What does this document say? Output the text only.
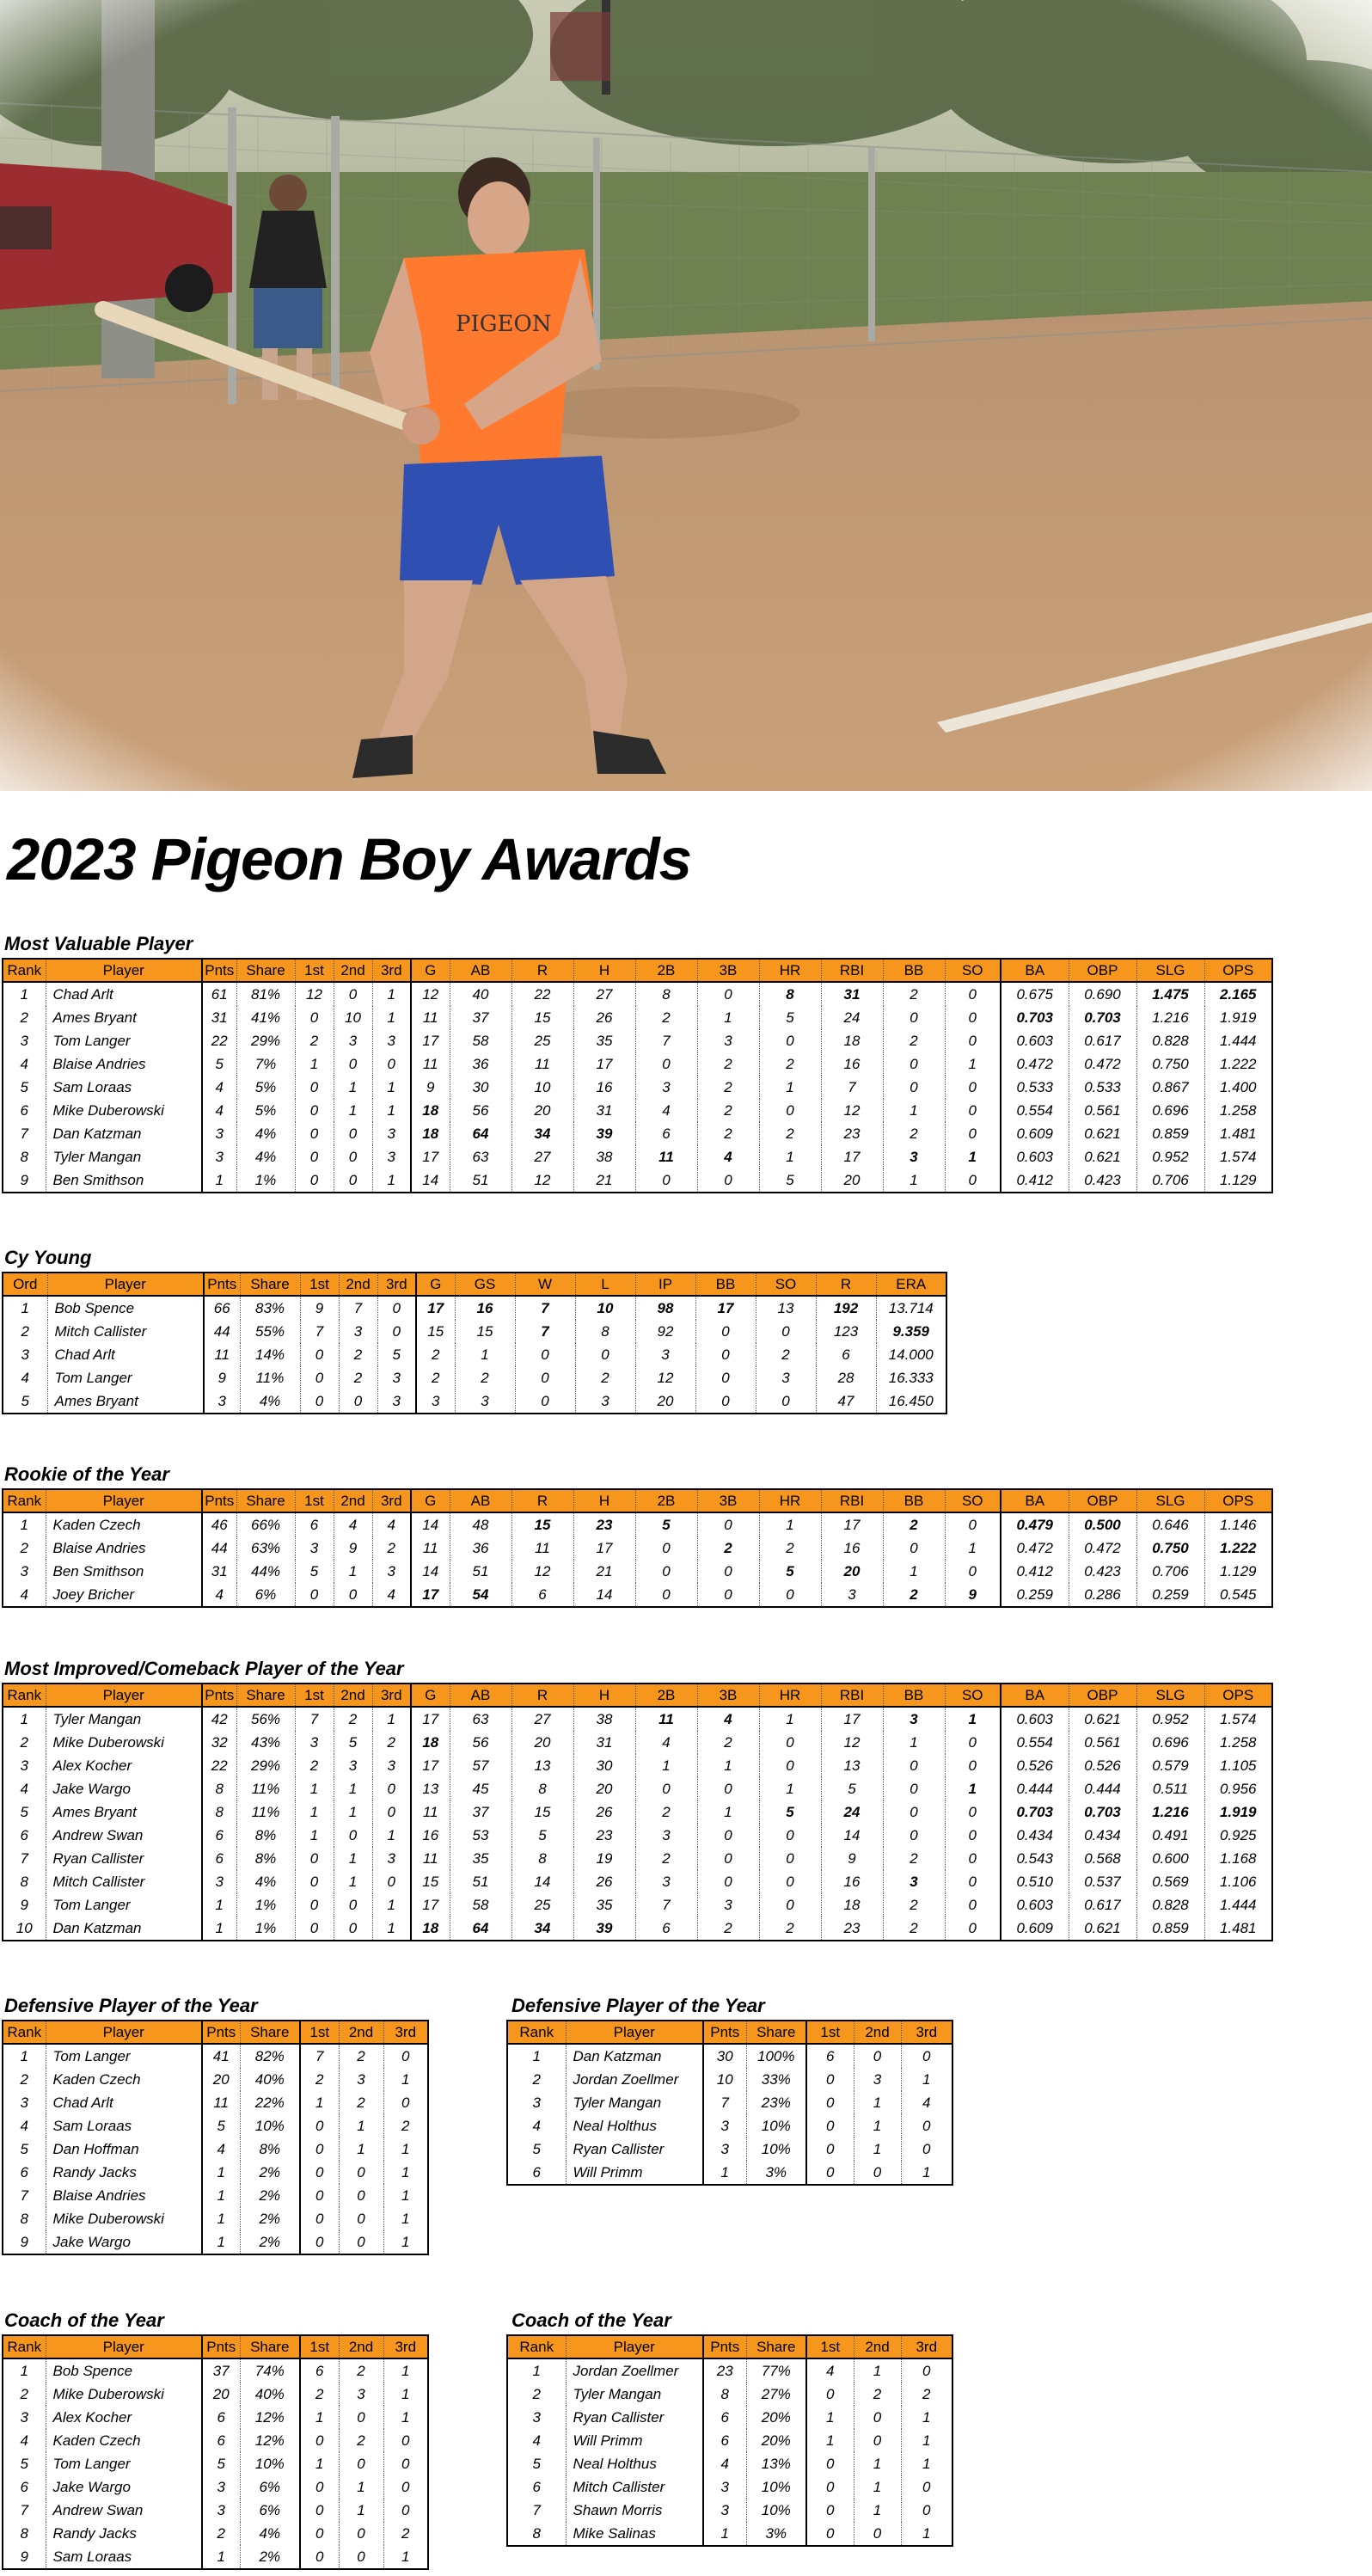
2023 Pigeon Boy Awards
Most Valuable Player
Rank	Player	Pnts	Share	1st	2nd	3rd	G	AB	R	H	2B	3B	HR	RBI	BB	SO	BA	OBP	SLG	OPS
1	Chad Arlt	61	81%	12	0	1	12	40	22	27	8	0	8	31	2	0	0.675	0.690	1.475	2.165
2	Ames Bryant	31	41%	0	10	1	11	37	15	26	2	1	5	24	0	0	0.703	0.703	1.216	1.919
3	Tom Langer	22	29%	2	3	3	17	58	25	35	7	3	0	18	2	0	0.603	0.617	0.828	1.444
4	Blaise Andries	5	7%	1	0	0	11	36	11	17	0	2	2	16	0	1	0.472	0.472	0.750	1.222
5	Sam Loraas	4	5%	0	1	1	9	30	10	16	3	2	1	7	0	0	0.533	0.533	0.867	1.400
6	Mike Duberowski	4	5%	0	1	1	18	56	20	31	4	2	0	12	1	0	0.554	0.561	0.696	1.258
7	Dan Katzman	3	4%	0	0	3	18	64	34	39	6	2	2	23	2	0	0.609	0.621	0.859	1.481
8	Tyler Mangan	3	4%	0	0	3	17	63	27	38	11	4	1	17	3	1	0.603	0.621	0.952	1.574
9	Ben Smithson	1	1%	0	0	1	14	51	12	21	0	0	5	20	1	0	0.412	0.423	0.706	1.129
Cy Young
Ord	Player	Pnts	Share	1st	2nd	3rd	G	GS	W	L	IP	BB	SO	R	ERA
1	Bob Spence	66	83%	9	7	0	17	16	7	10	98	17	13	192	13.714
2	Mitch Callister	44	55%	7	3	0	15	15	7	8	92	0	0	123	9.359
3	Chad Arlt	11	14%	0	2	5	2	1	0	0	3	0	2	6	14.000
4	Tom Langer	9	11%	0	2	3	2	2	0	2	12	0	3	28	16.333
5	Ames Bryant	3	4%	0	0	3	3	3	0	3	20	0	0	47	16.450
Rookie of the Year
Rank	Player	Pnts	Share	1st	2nd	3rd	G	AB	R	H	2B	3B	HR	RBI	BB	SO	BA	OBP	SLG	OPS
1	Kaden Czech	46	66%	6	4	4	14	48	15	23	5	0	1	17	2	0	0.479	0.500	0.646	1.146
2	Blaise Andries	44	63%	3	9	2	11	36	11	17	0	2	2	16	0	1	0.472	0.472	0.750	1.222
3	Ben Smithson	31	44%	5	1	3	14	51	12	21	0	0	5	20	1	0	0.412	0.423	0.706	1.129
4	Joey Bricher	4	6%	0	0	4	17	54	6	14	0	0	0	3	2	9	0.259	0.286	0.259	0.545
Most Improved/Comeback Player of the Year
Rank	Player	Pnts	Share	1st	2nd	3rd	G	AB	R	H	2B	3B	HR	RBI	BB	SO	BA	OBP	SLG	OPS
1	Tyler Mangan	42	56%	7	2	1	17	63	27	38	11	4	1	17	3	1	0.603	0.621	0.952	1.574
2	Mike Duberowski	32	43%	3	5	2	18	56	20	31	4	2	0	12	1	0	0.554	0.561	0.696	1.258
3	Alex Kocher	22	29%	2	3	3	17	57	13	30	1	1	0	13	0	0	0.526	0.526	0.579	1.105
4	Jake Wargo	8	11%	1	1	0	13	45	8	20	0	0	1	5	0	1	0.444	0.444	0.511	0.956
5	Ames Bryant	8	11%	1	1	0	11	37	15	26	2	1	5	24	0	0	0.703	0.703	1.216	1.919
6	Andrew Swan	6	8%	1	0	1	16	53	5	23	3	0	0	14	0	0	0.434	0.434	0.491	0.925
7	Ryan Callister	6	8%	0	1	3	11	35	8	19	2	0	0	9	2	0	0.543	0.568	0.600	1.168
8	Mitch Callister	3	4%	0	1	0	15	51	14	26	3	0	0	16	3	0	0.510	0.537	0.569	1.106
9	Tom Langer	1	1%	0	0	1	17	58	25	35	7	3	0	18	2	0	0.603	0.617	0.828	1.444
10	Dan Katzman	1	1%	0	0	1	18	64	34	39	6	2	2	23	2	0	0.609	0.621	0.859	1.481
Defensive Player of the Year
Rank	Player	Pnts	Share	1st	2nd	3rd
1	Tom Langer	41	82%	7	2	0
2	Kaden Czech	20	40%	2	3	1
3	Chad Arlt	11	22%	1	2	0
4	Sam Loraas	5	10%	0	1	2
5	Dan Hoffman	4	8%	0	1	1
6	Randy Jacks	1	2%	0	0	1
7	Blaise Andries	1	2%	0	0	1
8	Mike Duberowski	1	2%	0	0	1
9	Jake Wargo	1	2%	0	0	1
Defensive Player of the Year
Rank	Player	Pnts	Share	1st	2nd	3rd
1	Dan Katzman	30	100%	6	0	0
2	Jordan Zoellmer	10	33%	0	3	1
3	Tyler Mangan	7	23%	0	1	4
4	Neal Holthus	3	10%	0	1	0
5	Ryan Callister	3	10%	0	1	0
6	Will Primm	1	3%	0	0	1
Coach of the Year
Rank	Player	Pnts	Share	1st	2nd	3rd
1	Bob Spence	37	74%	6	2	1
2	Mike Duberowski	20	40%	2	3	1
3	Alex Kocher	6	12%	1	0	1
4	Kaden Czech	6	12%	0	2	0
5	Tom Langer	5	10%	1	0	0
6	Jake Wargo	3	6%	0	1	0
7	Andrew Swan	3	6%	0	1	0
8	Randy Jacks	2	4%	0	0	2
9	Sam Loraas	1	2%	0	0	1
Coach of the Year
Rank	Player	Pnts	Share	1st	2nd	3rd
1	Jordan Zoellmer	23	77%	4	1	0
2	Tyler Mangan	8	27%	0	2	2
3	Ryan Callister	6	20%	1	0	1
4	Will Primm	6	20%	1	0	1
5	Neal Holthus	4	13%	0	1	1
6	Mitch Callister	3	10%	0	1	0
7	Shawn Morris	3	10%	0	1	0
8	Mike Salinas	1	3%	0	0	1
